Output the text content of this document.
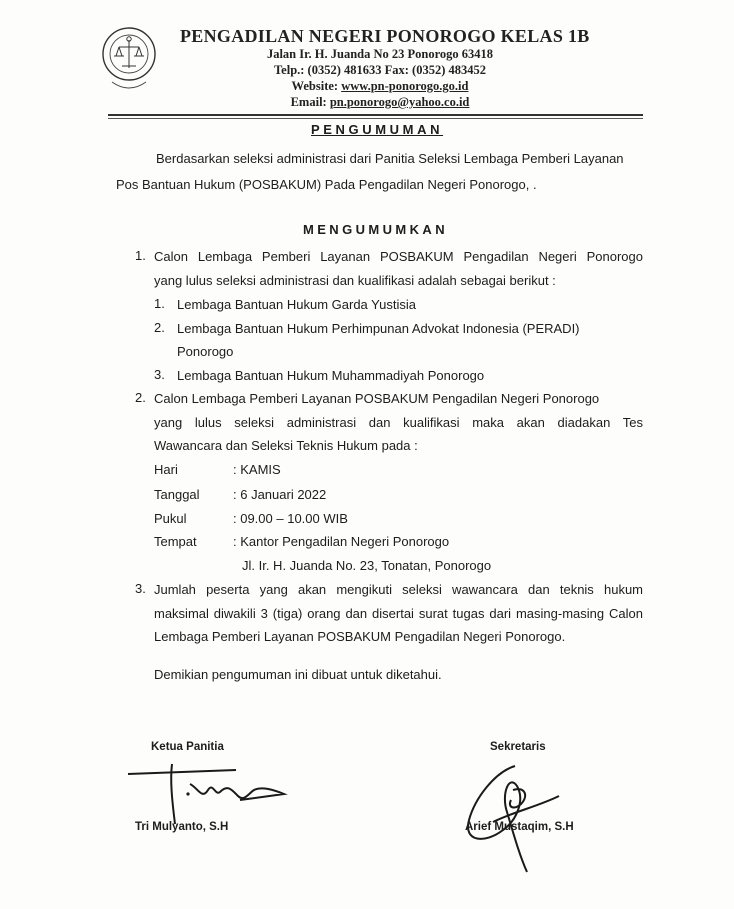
PENGADILAN NEGERI PONOROGO KELAS 1B
Jalan Ir. H. Juanda No 23 Ponorogo 63418
Telp.: (0352) 481633 Fax: (0352) 483452
Website: www.pn-ponorogo.go.id
Email: pn.ponorogo@yahoo.co.id
PENGUMUMAN
Berdasarkan seleksi administrasi dari Panitia Seleksi Lembaga Pemberi Layanan
Pos Bantuan Hukum (POSBAKUM) Pada Pengadilan Negeri Ponorogo, .
MENGUMUMKAN
1. Calon Lembaga Pemberi Layanan POSBAKUM Pengadilan Negeri Ponorogo
yang lulus seleksi administrasi dan kualifikasi adalah sebagai berikut :
1. Lembaga Bantuan Hukum Garda Yustisia
2. Lembaga Bantuan Hukum Perhimpunan Advokat Indonesia (PERADI)
Ponorogo
3. Lembaga Bantuan Hukum Muhammadiyah Ponorogo
2. Calon Lembaga Pemberi Layanan POSBAKUM Pengadilan Negeri Ponorogo
yang lulus seleksi administrasi dan kualifikasi maka akan diadakan Tes
Wawancara dan Seleksi Teknis Hukum pada :
Hari	: KAMIS
Tanggal	: 6 Januari 2022
Pukul	: 09.00 – 10.00 WIB
Tempat	: Kantor Pengadilan Negeri Ponorogo
Jl. Ir. H. Juanda No. 23, Tonatan, Ponorogo
3. Jumlah peserta yang akan mengikuti seleksi wawancara dan teknis hukum
maksimal diwakili 3 (tiga) orang dan disertai surat tugas dari masing-masing Calon
Lembaga Pemberi Layanan POSBAKUM Pengadilan Negeri Ponorogo.
Demikian pengumuman ini dibuat untuk diketahui.
Ketua Panitia
Tri Mulyanto, S.H
Sekretaris
Arief Mustaqim, S.H
